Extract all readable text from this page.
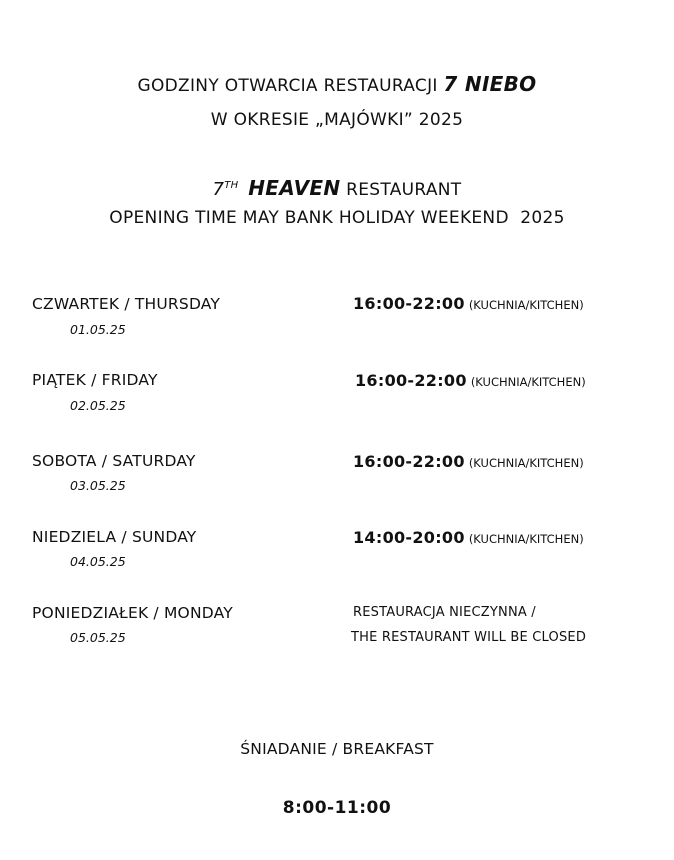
GODZINY OTWARCIA RESTAURACJI 7 NIEBO
W OKRESIE „MAJÓWKI” 2025
7TH HEAVEN RESTAURANT
OPENING TIME MAY BANK HOLIDAY WEEKEND  2025
CZWARTEK / THURSDAY
01.05.25
16:00-22:00 (KUCHNIA/KITCHEN)
PIĄTEK / FRIDAY
02.05.25
16:00-22:00 (KUCHNIA/KITCHEN)
SOBOTA / SATURDAY
03.05.25
16:00-22:00 (KUCHNIA/KITCHEN)
NIEDZIELA / SUNDAY
04.05.25
14:00-20:00 (KUCHNIA/KITCHEN)
PONIEDZIAŁEK / MONDAY
05.05.25
RESTAURACJA NIECZYNNA /
THE RESTAURANT WILL BE CLOSED
ŚNIADANIE / BREAKFAST
8:00-11:00
